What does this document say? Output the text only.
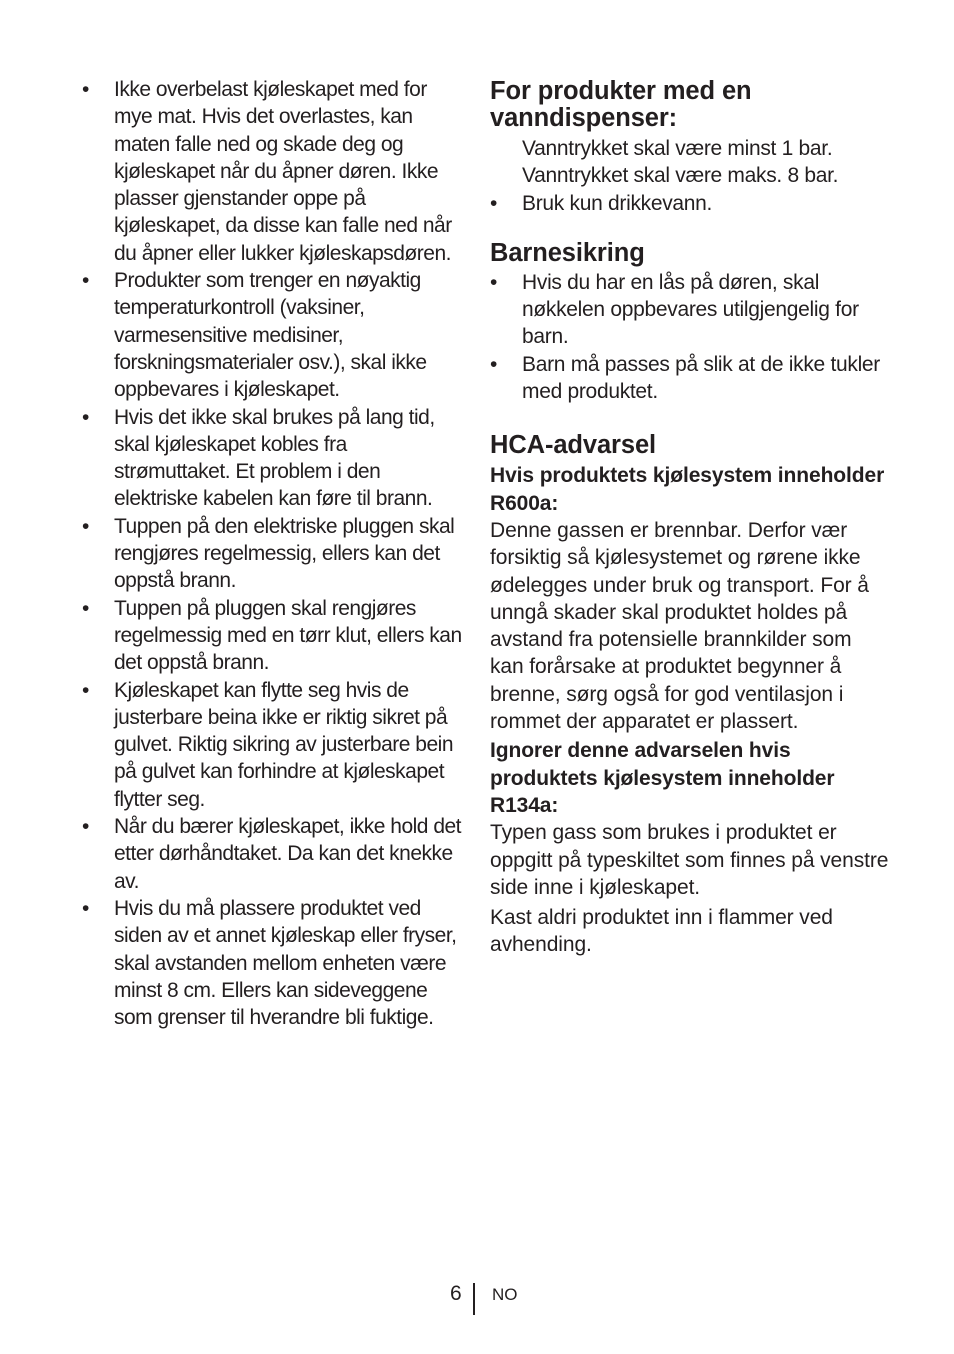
• Ikke overbelast kjøleskapet med for mye mat. Hvis det overlastes, kan maten falle ned og skade deg og kjøleskapet når du åpner døren. Ikke plasser gjenstander oppe på kjøleskapet, da disse kan falle ned når du åpner eller lukker kjøleskapsdøren.
• Produkter som trenger en nøyaktig temperaturkontroll (vaksiner, varmesensitive medisiner, forskningsmaterialer osv.), skal ikke oppbevares i kjøleskapet.
• Hvis det ikke skal brukes på lang tid, skal kjøleskapet kobles fra strømuttaket. Et problem i den elektriske kabelen kan føre til brann.
• Tuppen på den elektriske pluggen skal rengjøres regelmessig, ellers kan det oppstå brann.
• Tuppen på pluggen skal rengjøres regelmessig med en tørr klut, ellers kan det oppstå brann.
• Kjøleskapet kan flytte seg hvis de justerbare beina ikke er riktig sikret på gulvet. Riktig sikring av justerbare bein på gulvet kan forhindre at kjøleskapet flytter seg.
• Når du bærer kjøleskapet, ikke hold det etter dørhåndtaket. Da kan det knekke av.
• Hvis du må plassere produktet ved siden av et annet kjøleskap eller fryser, skal avstanden mellom enheten være minst 8 cm. Ellers kan sideveggene som grenser til hverandre bli fuktige.
For produkter med en vanndispenser:

Vanntrykket skal være minst 1 bar.

Vanntrykket skal være maks. 8 bar.

• Bruk kun drikkevann.
Barnesikring
• Hvis du har en lås på døren, skal nøkkelen oppbevares utilgjengelig for barn.
• Barn må passes på slik at de ikke tukler med produktet.
HCA-advarsel

Hvis produktets kjølesystem inneholder R600a:

Denne gassen er brennbar. Derfor vær forsiktig så kjølesystemet og rørene ikke ødelegges under bruk og transport. For å unngå skader skal produktet holdes på avstand fra potensielle brannkilder som kan forårsake at produktet begynner å brenne, sørg også for god ventilasjon i rommet der apparatet er plassert.

Ignorer denne advarselen hvis produktets kjølesystem inneholder R134a:

Typen gass som brukes i produktet er oppgitt på typeskiltet som finnes på venstre side inne i kjøleskapet.

Kast aldri produktet inn i flammer ved avhending.

6 NO
